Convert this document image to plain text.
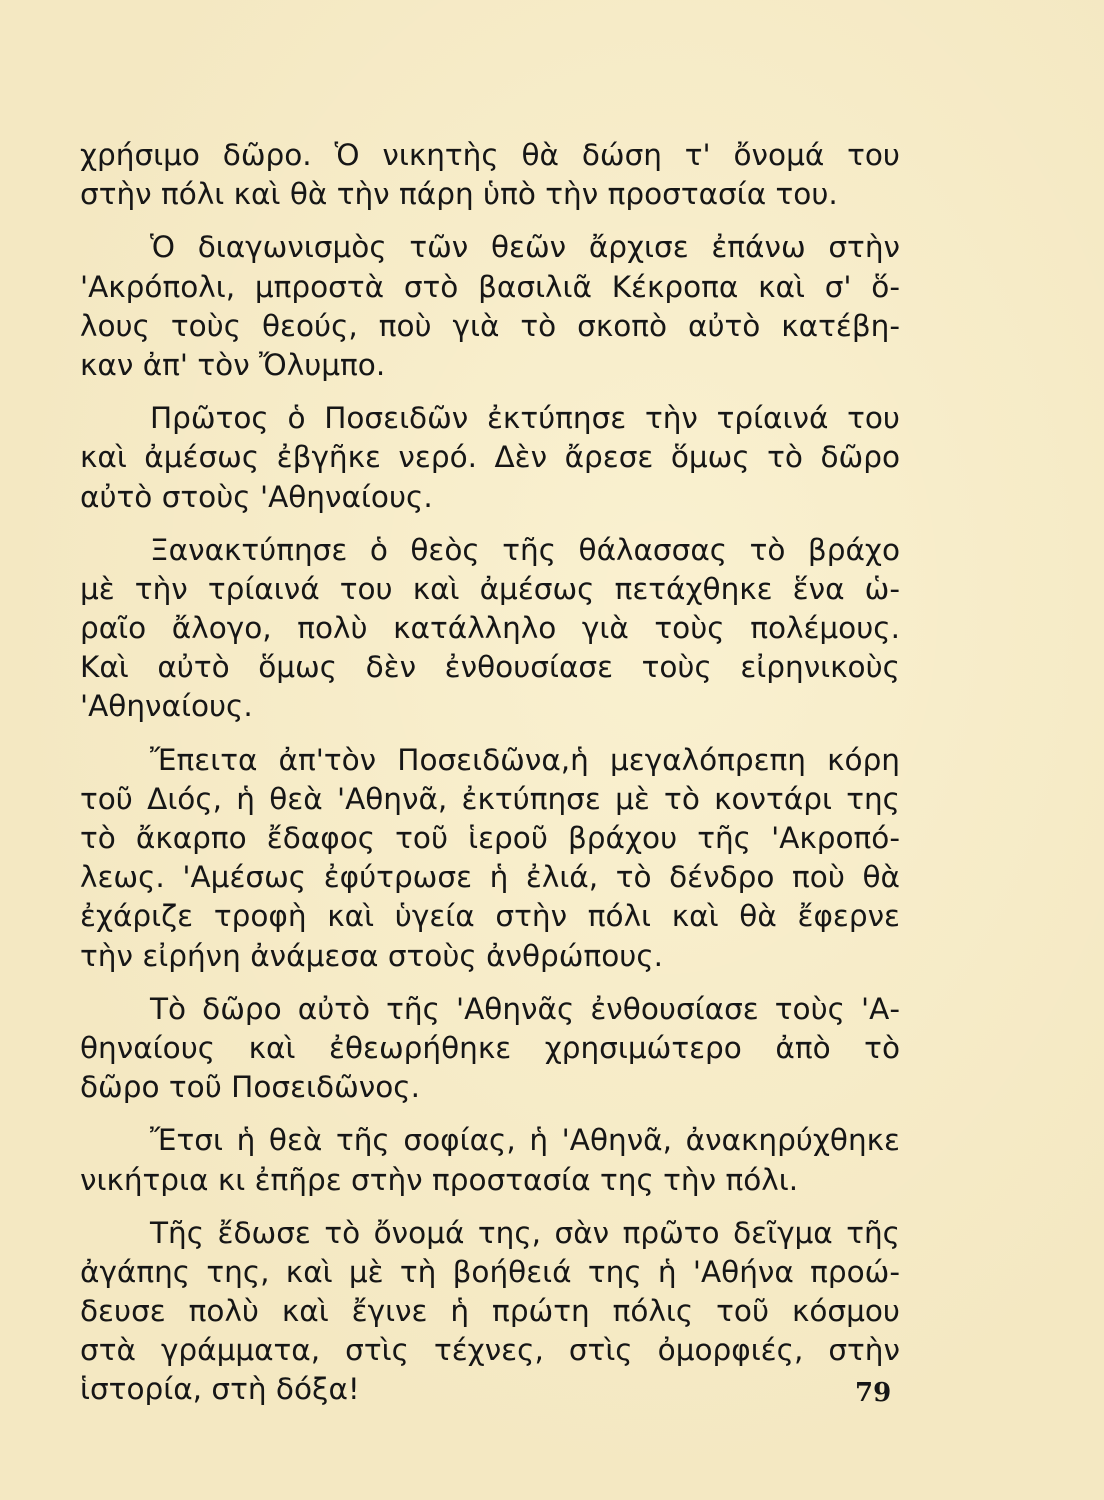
χρήσιμο δῶρο. Ὁ νικητὴς θὰ δώση τ' ὄνομά του
στὴν πόλι καὶ θὰ τὴν πάρη ὑπὸ τὴν προστασία του.
Ὁ διαγωνισμὸς τῶν θεῶν ἄρχισε ἐπάνω στὴν
'Ακρόπολι, μπροστὰ στὸ βασιλιᾶ Κέκροπα καὶ σ' ὅ-
λους τοὺς θεούς, ποὺ γιὰ τὸ σκοπὸ αὐτὸ κατέβη-
καν ἀπ' τὸν Ὄλυμπο.
Πρῶτος ὁ Ποσειδῶν ἐκτύπησε τὴν τρίαινά του
καὶ ἀμέσως ἐβγῆκε νερό. Δὲν ἄρεσε ὅμως τὸ δῶρο
αὐτὸ στοὺς 'Αθηναίους.
Ξανακτύπησε ὁ θεὸς τῆς θάλασσας τὸ βράχο
μὲ τὴν τρίαινά του καὶ ἀμέσως πετάχθηκε ἕνα ὡ-
ραῖο ἄλογο, πολὺ κατάλληλο γιὰ τοὺς πολέμους.
Καὶ αὐτὸ ὅμως δὲν ἐνθουσίασε τοὺς εἰρηνικοὺς
'Αθηναίους.
Ἔπειτα ἀπ'τὸν Ποσειδῶνα,ἡ μεγαλόπρεπη κόρη
τοῦ Διός, ἡ θεὰ 'Αθηνᾶ, ἐκτύπησε μὲ τὸ κοντάρι της
τὸ ἄκαρπο ἔδαφος τοῦ ἱεροῦ βράχου τῆς 'Ακροπό-
λεως. 'Αμέσως ἐφύτρωσε ἡ ἐλιά, τὸ δένδρο ποὺ θὰ
ἐχάριζε τροφὴ καὶ ὑγεία στὴν πόλι καὶ θὰ ἔφερνε
τὴν εἰρήνη ἀνάμεσα στοὺς ἀνθρώπους.
Τὸ δῶρο αὐτὸ τῆς 'Αθηνᾶς ἐνθουσίασε τοὺς 'Α-
θηναίους καὶ ἐθεωρήθηκε χρησιμώτερο ἀπὸ τὸ
δῶρο τοῦ Ποσειδῶνος.
Ἔτσι ἡ θεὰ τῆς σοφίας, ἡ 'Αθηνᾶ, ἀνακηρύχθηκε
νικήτρια κι ἐπῆρε στὴν προστασία της τὴν πόλι.
Τῆς ἔδωσε τὸ ὄνομά της, σὰν πρῶτο δεῖγμα τῆς
ἀγάπης της, καὶ μὲ τὴ βοήθειά της ἡ 'Αθήνα προώ-
δευσε πολὺ καὶ ἔγινε ἡ πρώτη πόλις τοῦ κόσμου
στὰ γράμματα, στὶς τέχνες, στὶς ὀμορφιές, στὴν
ἱστορία, στὴ δόξα!	79
